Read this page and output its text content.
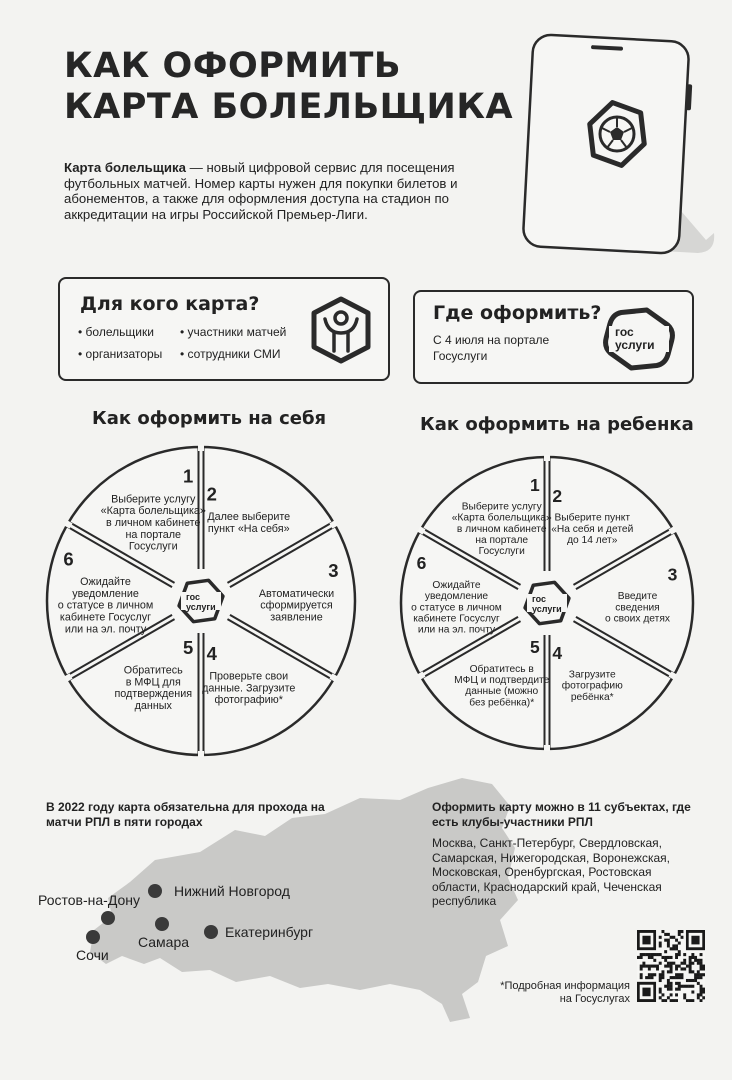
КАК ОФОРМИТЬ
КАРТА БОЛЕЛЬЩИКА
Карта болельщика — новый цифровой сервис для посещения футбольных матчей. Номер карты нужен для покупки билетов и абонементов, а также для оформления доступа на стадион по аккредитации на игры Российской Премьер-Лиги.
Для кого карта?
• болельщики	• участники матчей
• организаторы	• сотрудники СМИ
Где оформить?
С 4 июля на портале Госуслуги
гос
услуги
Как оформить на себя	Как оформить на ребенка
гос
услуги
1
Выберите услугу
«Карта болельщика»
в личном кабинете
на портале
Госуслуги
2
Далее выберите
пункт «На себя»
3
Автоматически
сформируется
заявление
4
Проверьте свои
данные. Загрузите
фотографию*
5
Обратитесь
в МФЦ для
подтверждения
данных
6
Ожидайте
уведомление
о статусе в личном
кабинете Госуслуг
или на эл. почту
гос
услуги
1
Выберите услугу
«Карта болельщика»
в личном кабинете
на портале
Госуслуги
2
Выберите пункт
«На себя и детей
до 14 лет»
3
Введите
сведения
о своих детях
4
Загрузите
фотографию
ребёнка*
5
Обратитесь в
МФЦ и подтвердите
данные (можно
без ребёнка)*
6
Ожидайте
уведомление
о статусе в личном
кабинете Госуслуг
или на эл. почту
В 2022 году карта обязательна для прохода на матчи РПЛ в пяти городах
Ростов-на-Дону
Нижний Новгород
Самара
Екатеринбург
Сочи
Оформить карту можно в 11 субъектах, где есть клубы-участники РПЛ
Москва, Санкт-Петербург, Свердловская, Самарская, Нижегородская, Воронежская, Московская, Оренбургская, Ростовская области, Краснодарский край, Чеченская республика
*Подробная информация
на Госуслугах
